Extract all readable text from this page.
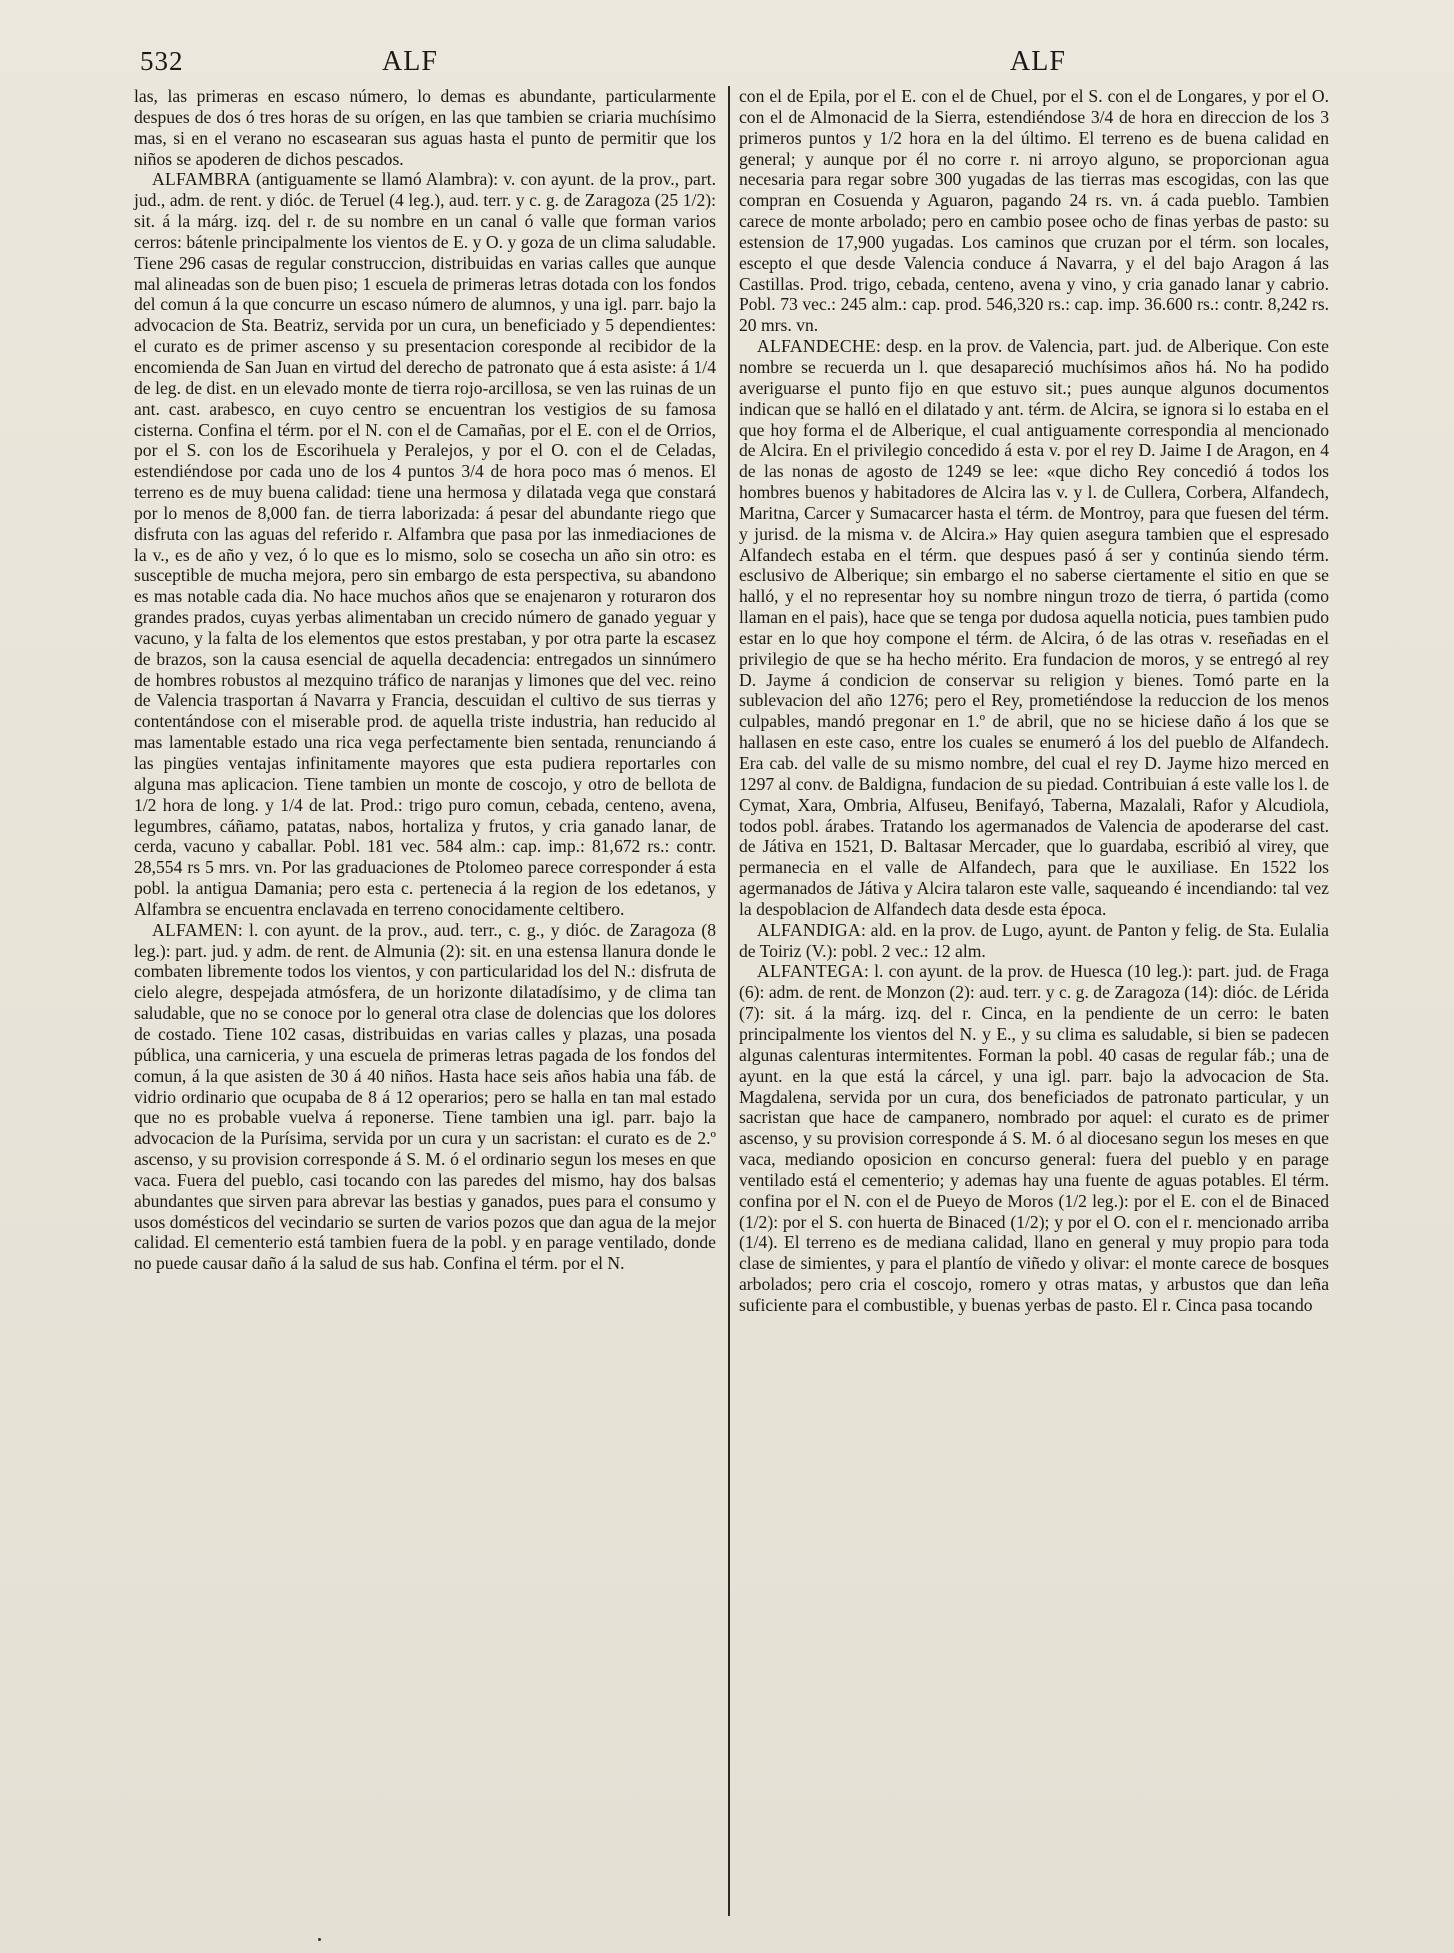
532	ALF	ALF

las, las primeras en escaso número, lo demas es abundante, particularmente despues de dos ó tres horas de su orígen, en las que tambien se criaria muchísimo mas, si en el verano no escasearan sus aguas hasta el punto de permitir que los niños se apoderen de dichos pescados.

ALFAMBRA (antiguamente se llamó Alambra): v. con ayunt. de la prov., part. jud., adm. de rent. y dióc. de Teruel (4 leg.), aud. terr. y c. g. de Zaragoza (25 1/2): sit. á la márg. izq. del r. de su nombre en un canal ó valle que forman varios cerros: bátenle principalmente los vientos de E. y O. y goza de un clima saludable. Tiene 296 casas de regular construccion, distribuidas en varias calles que aunque mal alineadas son de buen piso; 1 escuela de primeras letras dotada con los fondos del comun á la que concurre un escaso número de alumnos, y una igl. parr. bajo la advocacion de Sta. Beatriz, servida por un cura, un beneficiado y 5 dependientes: el curato es de primer ascenso y su presentacion coresponde al recibidor de la encomienda de San Juan en virtud del derecho de patronato que á esta asiste: á 1/4 de leg. de dist. en un elevado monte de tierra rojo-arcillosa, se ven las ruinas de un ant. cast. arabesco, en cuyo centro se encuentran los vestigios de su famosa cisterna. Confina el térm. por el N. con el de Camañas, por el E. con el de Orrios, por el S. con los de Escorihuela y Peralejos, y por el O. con el de Celadas, estendiéndose por cada uno de los 4 puntos 3/4 de hora poco mas ó menos. El terreno es de muy buena calidad: tiene una hermosa y dilatada vega que constará por lo menos de 8,000 fan. de tierra laborizada: á pesar del abundante riego que disfruta con las aguas del referido r. Alfambra que pasa por las inmediaciones de la v., es de año y vez, ó lo que es lo mismo, solo se cosecha un año sin otro: es susceptible de mucha mejora, pero sin embargo de esta perspectiva, su abandono es mas notable cada dia. No hace muchos años que se enajenaron y roturaron dos grandes prados, cuyas yerbas alimentaban un crecido número de ganado yeguar y vacuno, y la falta de los elementos que estos prestaban, y por otra parte la escasez de brazos, son la causa esencial de aquella decadencia: entregados un sinnúmero de hombres robustos al mezquino tráfico de naranjas y limones que del vec. reino de Valencia trasportan á Navarra y Francia, descuidan el cultivo de sus tierras y contentándose con el miserable prod. de aquella triste industria, han reducido al mas lamentable estado una rica vega perfectamente bien sentada, renunciando á las pingües ventajas infinitamente mayores que esta pudiera reportarles con alguna mas aplicacion. Tiene tambien un monte de coscojo, y otro de bellota de 1/2 hora de long. y 1/4 de lat. Prod.: trigo puro comun, cebada, centeno, avena, legumbres, cáñamo, patatas, nabos, hortaliza y frutos, y cria ganado lanar, de cerda, vacuno y caballar. Pobl. 181 vec. 584 alm.: cap. imp.: 81,672 rs.: contr. 28,554 rs 5 mrs. vn. Por las graduaciones de Ptolomeo parece corresponder á esta pobl. la antigua Damania; pero esta c. pertenecia á la region de los edetanos, y Alfambra se encuentra enclavada en terreno conocidamente celtibero.

ALFAMEN: l. con ayunt. de la prov., aud. terr., c. g., y dióc. de Zaragoza (8 leg.): part. jud. y adm. de rent. de Almunia (2): sit. en una estensa llanura donde le combaten libremente todos los vientos, y con particularidad los del N.: disfruta de cielo alegre, despejada atmósfera, de un horizonte dilatadísimo, y de clima tan saludable, que no se conoce por lo general otra clase de dolencias que los dolores de costado. Tiene 102 casas, distribuidas en varias calles y plazas, una posada pública, una carniceria, y una escuela de primeras letras pagada de los fondos del comun, á la que asisten de 30 á 40 niños. Hasta hace seis años habia una fáb. de vidrio ordinario que ocupaba de 8 á 12 operarios; pero se halla en tan mal estado que no es probable vuelva á reponerse. Tiene tambien una igl. parr. bajo la advocacion de la Purísima, servida por un cura y un sacristan: el curato es de 2.º ascenso, y su provision corresponde á S. M. ó el ordinario segun los meses en que vaca. Fuera del pueblo, casi tocando con las paredes del mismo, hay dos balsas abundantes que sirven para abrevar las bestias y ganados, pues para el consumo y usos domésticos del vecindario se surten de varios pozos que dan agua de la mejor calidad. El cementerio está tambien fuera de la pobl. y en parage ventilado, donde no puede causar daño á la salud de sus hab. Confina el térm. por el N.

con el de Epila, por el E. con el de Chuel, por el S. con el de Longares, y por el O. con el de Almonacid de la Sierra, estendiéndose 3/4 de hora en direccion de los 3 primeros puntos y 1/2 hora en la del último. El terreno es de buena calidad en general; y aunque por él no corre r. ni arroyo alguno, se proporcionan agua necesaria para regar sobre 300 yugadas de las tierras mas escogidas, con las que compran en Cosuenda y Aguaron, pagando 24 rs. vn. á cada pueblo. Tambien carece de monte arbolado; pero en cambio posee ocho de finas yerbas de pasto: su estension de 17,900 yugadas. Los caminos que cruzan por el térm. son locales, escepto el que desde Valencia conduce á Navarra, y el del bajo Aragon á las Castillas. Prod. trigo, cebada, centeno, avena y vino, y cria ganado lanar y cabrio. Pobl. 73 vec.: 245 alm.: cap. prod. 546,320 rs.: cap. imp. 36.600 rs.: contr. 8,242 rs. 20 mrs. vn.

ALFANDECHE: desp. en la prov. de Valencia, part. jud. de Alberique. Con este nombre se recuerda un l. que desapareció muchísimos años há. No ha podido averiguarse el punto fijo en que estuvo sit.; pues aunque algunos documentos indican que se halló en el dilatado y ant. térm. de Alcira, se ignora si lo estaba en el que hoy forma el de Alberique, el cual antiguamente correspondia al mencionado de Alcira. En el privilegio concedido á esta v. por el rey D. Jaime I de Aragon, en 4 de las nonas de agosto de 1249 se lee: «que dicho Rey concedió á todos los hombres buenos y habitadores de Alcira las v. y l. de Cullera, Corbera, Alfandech, Maritna, Carcer y Sumacarcer hasta el térm. de Montroy, para que fuesen del térm. y jurisd. de la misma v. de Alcira.» Hay quien asegura tambien que el espresado Alfandech estaba en el térm. que despues pasó á ser y continúa siendo térm. esclusivo de Alberique; sin embargo el no saberse ciertamente el sitio en que se halló, y el no representar hoy su nombre ningun trozo de tierra, ó partida (como llaman en el pais), hace que se tenga por dudosa aquella noticia, pues tambien pudo estar en lo que hoy compone el térm. de Alcira, ó de las otras v. reseñadas en el privilegio de que se ha hecho mérito. Era fundacion de moros, y se entregó al rey D. Jayme á condicion de conservar su religion y bienes. Tomó parte en la sublevacion del año 1276; pero el Rey, prometiéndose la reduccion de los menos culpables, mandó pregonar en 1.º de abril, que no se hiciese daño á los que se hallasen en este caso, entre los cuales se enumeró á los del pueblo de Alfandech. Era cab. del valle de su mismo nombre, del cual el rey D. Jayme hizo merced en 1297 al conv. de Baldigna, fundacion de su piedad. Contribuian á este valle los l. de Cymat, Xara, Ombria, Alfuseu, Benifayó, Taberna, Mazalali, Rafor y Alcudiola, todos pobl. árabes. Tratando los agermanados de Valencia de apoderarse del cast. de Játiva en 1521, D. Baltasar Mercader, que lo guardaba, escribió al virey, que permanecia en el valle de Alfandech, para que le auxiliase. En 1522 los agermanados de Játiva y Alcira talaron este valle, saqueando é incendiando: tal vez la despoblacion de Alfandech data desde esta época.

ALFANDIGA: ald. en la prov. de Lugo, ayunt. de Panton y felig. de Sta. Eulalia de Toiriz (V.): pobl. 2 vec.: 12 alm.

ALFANTEGA: l. con ayunt. de la prov. de Huesca (10 leg.): part. jud. de Fraga (6): adm. de rent. de Monzon (2): aud. terr. y c. g. de Zaragoza (14): dióc. de Lérida (7): sit. á la márg. izq. del r. Cinca, en la pendiente de un cerro: le baten principalmente los vientos del N. y E., y su clima es saludable, si bien se padecen algunas calenturas intermitentes. Forman la pobl. 40 casas de regular fáb.; una de ayunt. en la que está la cárcel, y una igl. parr. bajo la advocacion de Sta. Magdalena, servida por un cura, dos beneficiados de patronato particular, y un sacristan que hace de campanero, nombrado por aquel: el curato es de primer ascenso, y su provision corresponde á S. M. ó al diocesano segun los meses en que vaca, mediando oposicion en concurso general: fuera del pueblo y en parage ventilado está el cementerio; y ademas hay una fuente de aguas potables. El térm. confina por el N. con el de Pueyo de Moros (1/2 leg.): por el E. con el de Binaced (1/2): por el S. con huerta de Binaced (1/2); y por el O. con el r. mencionado arriba (1/4). El terreno es de mediana calidad, llano en general y muy propio para toda clase de simientes, y para el plantío de viñedo y olivar: el monte carece de bosques arbolados; pero cria el coscojo, romero y otras matas, y arbustos que dan leña suficiente para el combustible, y buenas yerbas de pasto. El r. Cinca pasa tocando
